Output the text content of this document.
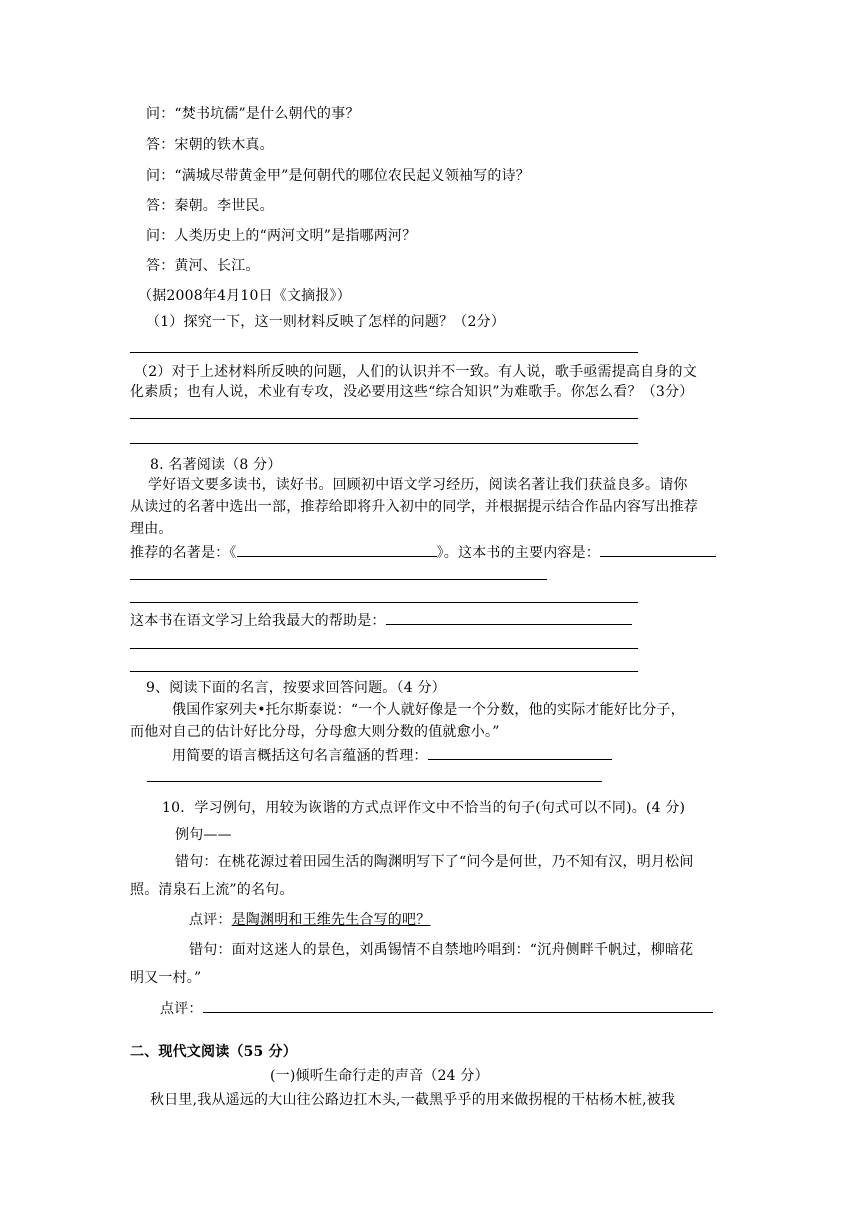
问：“焚书坑儒”是什么朝代的事？
答：宋朝的铁木真。
问：“满城尽带黄金甲”是何朝代的哪位农民起义领袖写的诗？
答：秦朝。李世民。
问：人类历史上的“两河文明”是指哪两河？
答：黄河、长江。
（据2008年4月10日《文摘报》）
（1）探究一下，这一则材料反映了怎样的问题？（2分）
（2）对于上述材料所反映的问题，人们的认识并不一致。有人说，歌手亟需提高自身的文
化素质；也有人说，术业有专攻，没必要用这些“综合知识”为难歌手。你怎么看？（3分）
8. 名著阅读（8 分）
学好语文要多读书，读好书。回顾初中语文学习经历，阅读名著让我们获益良多。请你
从读过的名著中选出一部，推荐给即将升入初中的同学，并根据提示结合作品内容写出推荐
理由。
推荐的名著是：《	》。这本书的主要内容是：
这本书在语文学习上给我最大的帮助是：
9、阅读下面的名言，按要求回答问题。（4 分）
俄国作家列夫•托尔斯泰说：“一个人就好像是一个分数，他的实际才能好比分子，
而他对自己的估计好比分母，分母愈大则分数的值就愈小。”
用简要的语言概括这句名言蕴涵的哲理：
10．学习例句，用较为诙谐的方式点评作文中不恰当的句子(句式可以不同)。(4 分)
例句——
错句：在桃花源过着田园生活的陶渊明写下了“问今是何世，乃不知有汉，明月松间
照。清泉石上流”的名句。
点评：是陶渊明和王维先生合写的吧？
错句：面对这迷人的景色，刘禹锡情不自禁地吟唱到：“沉舟侧畔千帆过，柳暗花
明又一村。”
点评：
二、现代文阅读（55 分）
(一)倾听生命行走的声音（24 分）
秋日里,我从遥远的大山往公路边扛木头,一截黑乎乎的用来做拐棍的干枯杨木桩,被我
